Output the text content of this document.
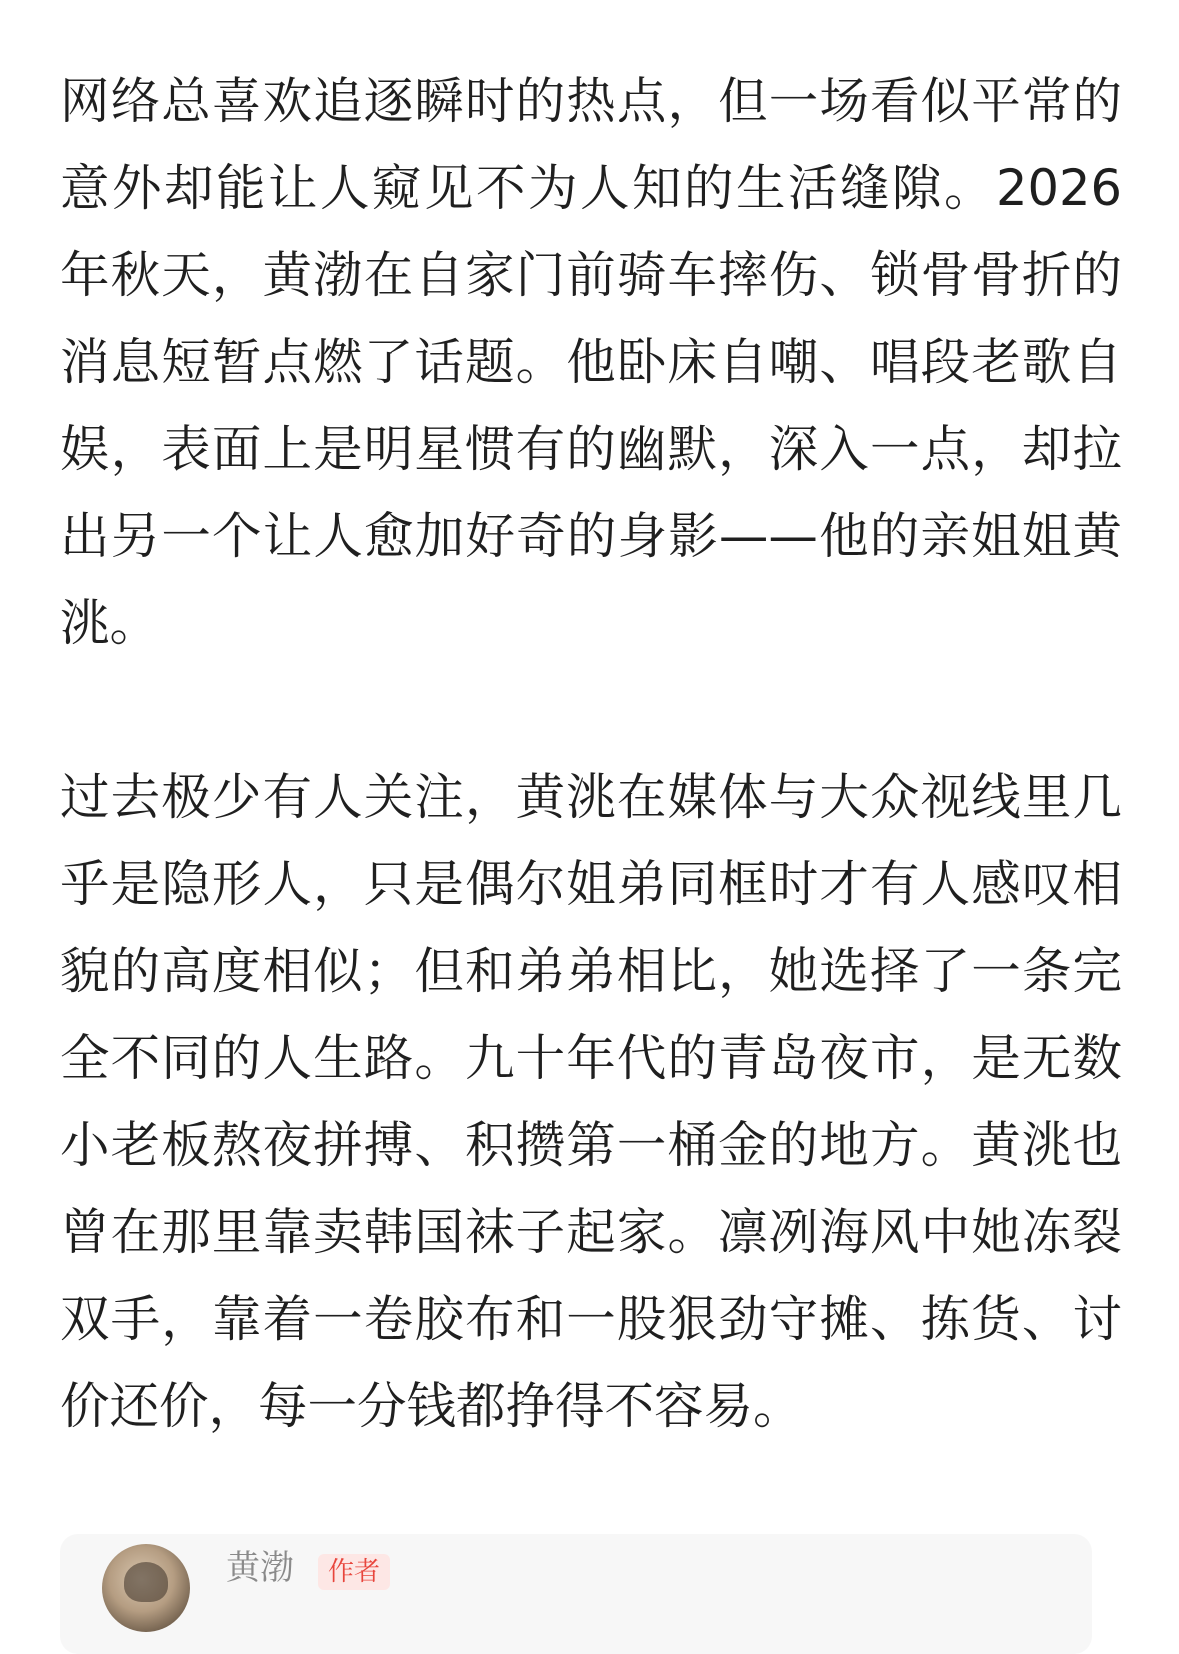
网络总喜欢追逐瞬时的热点，但一场看似平常的意外却能让人窥见不为人知的生活缝隙。2026年秋天，黄渤在自家门前骑车摔伤、锁骨骨折的消息短暂点燃了话题。他卧床自嘲、唱段老歌自娱，表面上是明星惯有的幽默，深入一点，却拉出另一个让人愈加好奇的身影——他的亲姐姐黄洮。

过去极少有人关注，黄洮在媒体与大众视线里几乎是隐形人，只是偶尔姐弟同框时才有人感叹相貌的高度相似；但和弟弟相比，她选择了一条完全不同的人生路。九十年代的青岛夜市，是无数小老板熬夜拼搏、积攒第一桶金的地方。黄洮也曾在那里靠卖韩国袜子起家。凛冽海风中她冻裂双手，靠着一卷胶布和一股狠劲守摊、拣货、讨价还价，每一分钱都挣得不容易。

黄渤	作者
